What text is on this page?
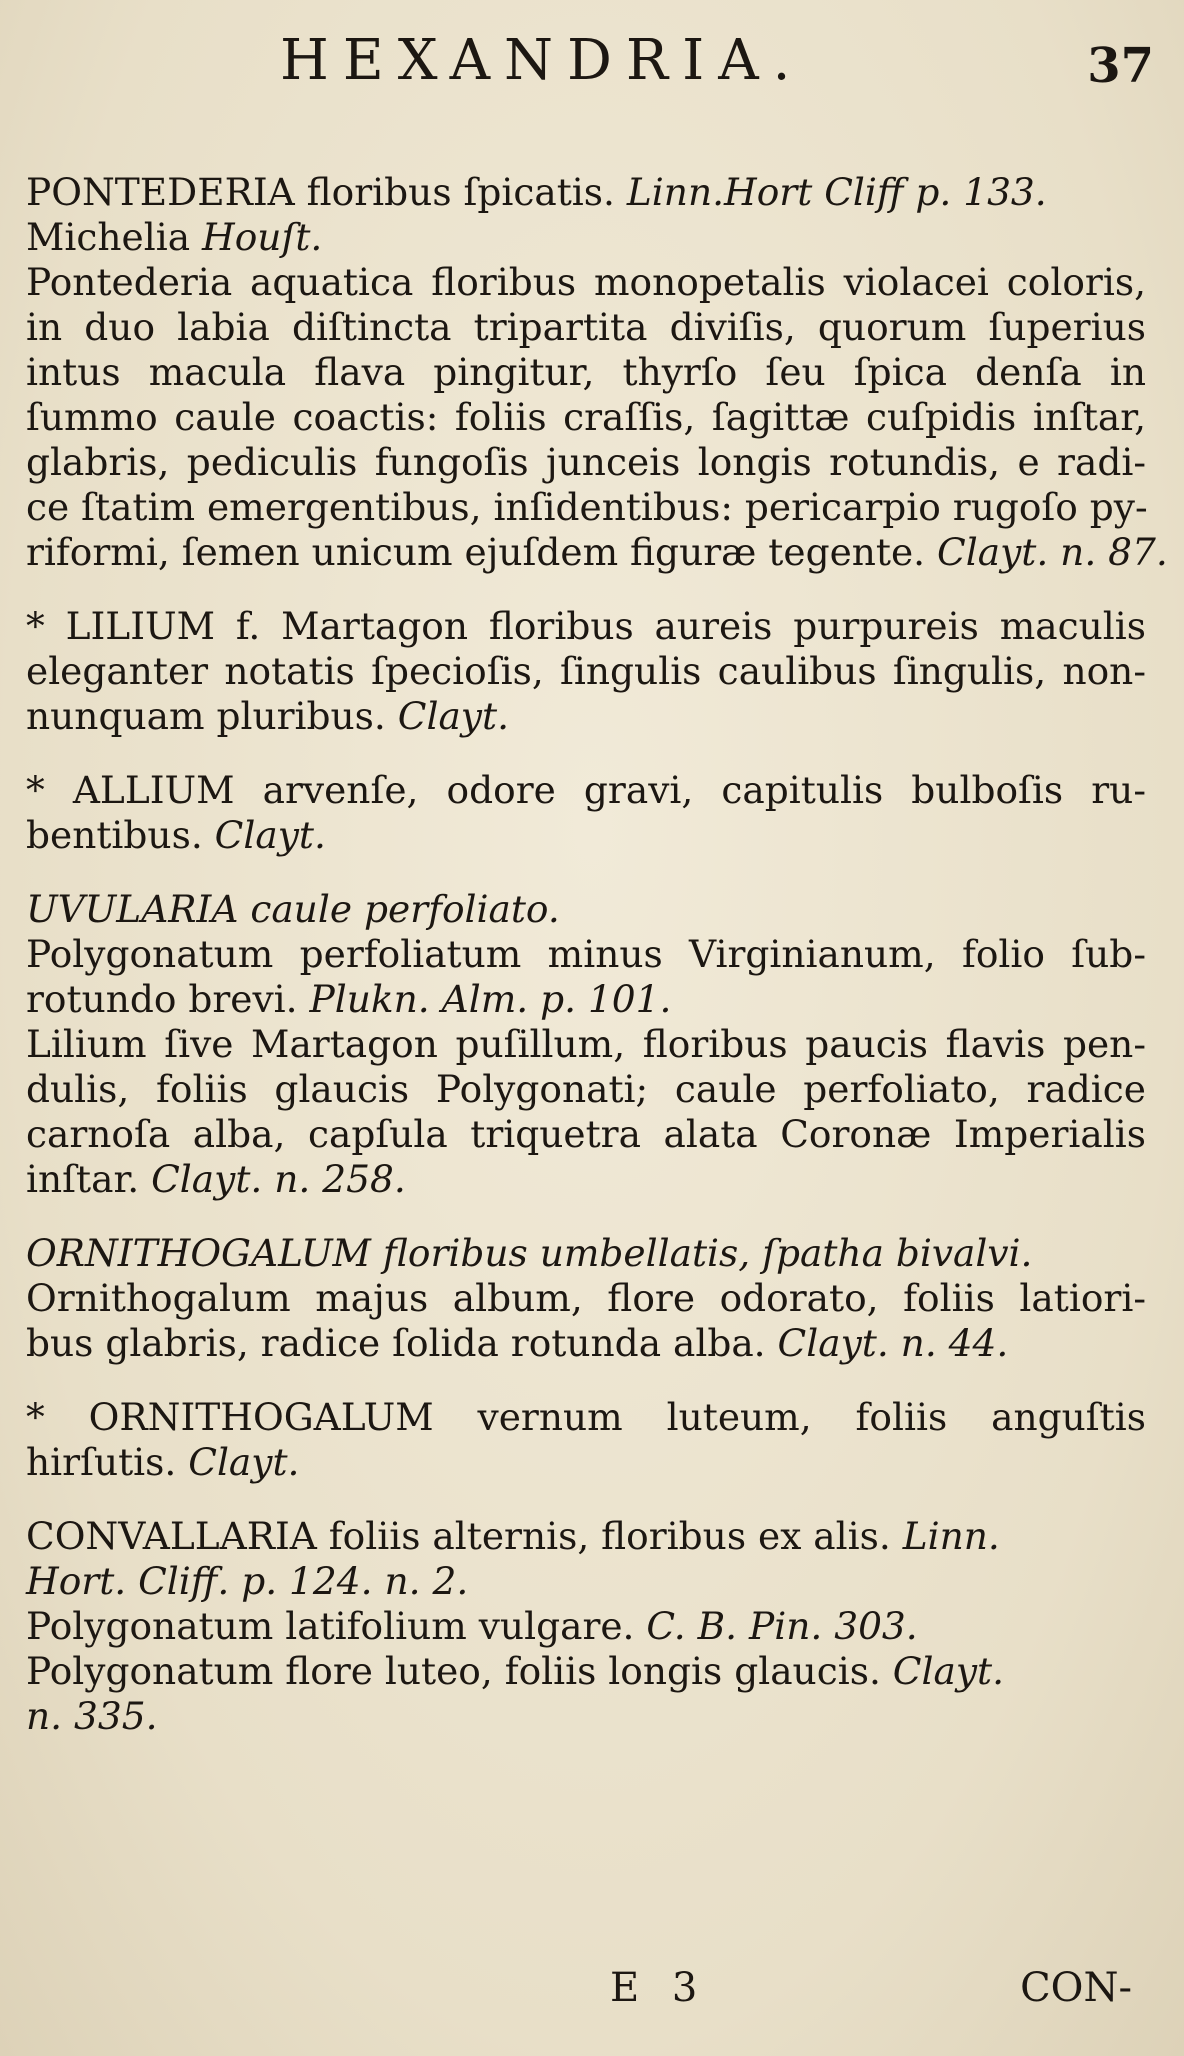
HEXANDRIA.	37
PONTEDERIA floribus ſpicatis. Linn.Hort Cliff p. 133.
Michelia Houſt.
Pontederia aquatica floribus monopetalis violacei coloris,
in duo labia diſtincta tripartita diviſis, quorum ſuperius
intus macula flava pingitur, thyrſo ſeu ſpica denſa in
ſummo caule coactis: foliis craſſis, ſagittæ cuſpidis inſtar,
glabris, pediculis fungoſis junceis longis rotundis, e radi-
ce ſtatim emergentibus, inſidentibus: pericarpio rugoſo py-
riformi, ſemen unicum ejuſdem figuræ tegente. Clayt. n. 87.
* LILIUM f. Martagon floribus aureis purpureis maculis
eleganter notatis ſpecioſis, ſingulis caulibus ſingulis, non-
nunquam pluribus. Clayt.
* ALLIUM arvenſe, odore gravi, capitulis bulboſis ru-
bentibus. Clayt.
UVULARIA caule perfoliato.
Polygonatum perfoliatum minus Virginianum, folio ſub-
rotundo brevi. Plukn. Alm. p. 101.
Lilium ſive Martagon puſillum, floribus paucis flavis pen-
dulis, foliis glaucis Polygonati; caule perfoliato, radice
carnoſa alba, capſula triquetra alata Coronæ Imperialis
inſtar. Clayt. n. 258.
ORNITHOGALUM floribus umbellatis, ſpatha bivalvi.
Ornithogalum majus album, flore odorato, foliis latiori-
bus glabris, radice ſolida rotunda alba. Clayt. n. 44.
* ORNITHOGALUM vernum luteum, foliis anguſtis
hirſutis. Clayt.
CONVALLARIA foliis alternis, floribus ex alis. Linn.
Hort. Cliff. p. 124. n. 2.
Polygonatum latifolium vulgare. C. B. Pin. 303.
Polygonatum flore luteo, foliis longis glaucis. Clayt.
n. 335.
E 3	CON-
